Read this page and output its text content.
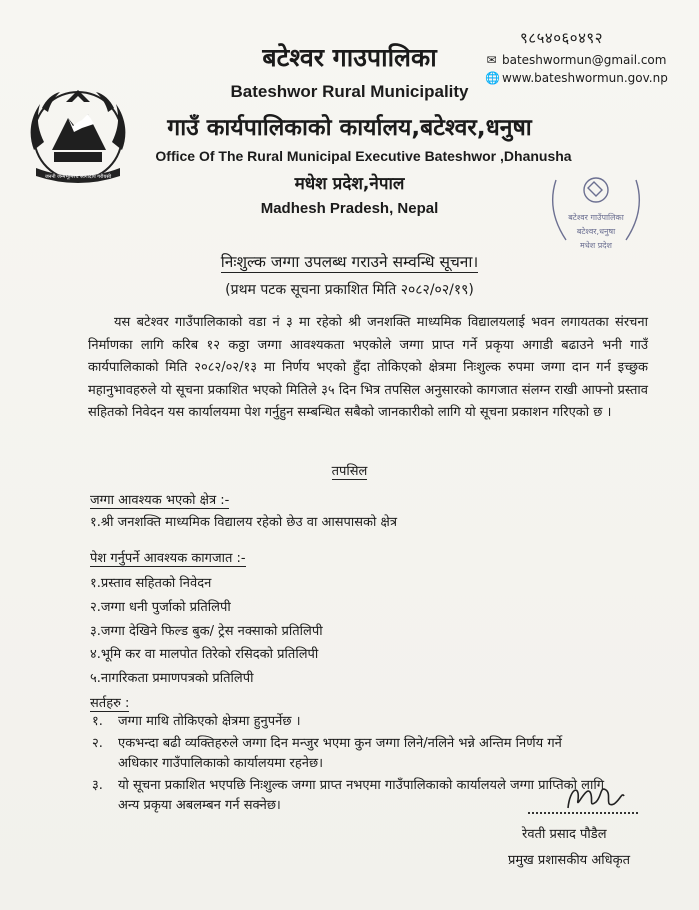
९८५४०६०४९२
✉ bateshwormun@gmail.com
🌐 www.bateshwormun.gov.np
जननी जन्मभूमिश्च स्वर्गादपि गरीयसी
बटेश्वर गाउपालिका
Bateshwor Rural Municipality
गाउँ कार्यपालिकाको कार्यालय,बटेश्वर,धनुषा
Office Of The Rural Municipal Executive Bateshwor ,Dhanusha
मधेश प्रदेश,नेपाल
Madhesh Pradesh, Nepal
बटेश्वर गाउँपालिका
बटेश्वर,धनुषा
मधेश प्रदेश
निःशुल्क जग्गा उपलब्ध गराउने सम्वन्धि सूचना।
(प्रथम पटक सूचना प्रकाशित मिति २०८२/०२/१९)
यस बटेश्वर गाउँपालिकाको वडा नं ३ मा रहेको श्री जनशक्ति माध्यमिक विद्यालयलाई भवन लगायतका संरचना निर्माणका लागि करिब १२ कठ्ठा जग्गा आवश्यकता भएकोले जग्गा प्राप्त गर्ने प्रकृया अगाडी बढाउने भनी गाउँ कार्यपालिकाको मिति २०८२/०२/१३ मा निर्णय भएको हुँदा तोकिएको क्षेत्रमा निःशुल्क रुपमा जग्गा दान गर्न इच्छुक महानुभावहरुले यो सूचना प्रकाशित भएको मितिले ३५ दिन भित्र तपसिल अनुसारको कागजात संलग्न राखी आफ्नो प्रस्ताव सहितको निवेदन यस कार्यालयमा पेश गर्नुहुन सम्बन्धित सबैको जानकारीको लागि यो सूचना प्रकाशन गरिएको छ ।
तपसिल
जग्गा आवश्यक भएको क्षेत्र :-
१.श्री जनशक्ति माध्यमिक विद्यालय रहेको छेउ वा आसपासको क्षेत्र
पेश गर्नुपर्ने आवश्यक कागजात :-
१.प्रस्ताव सहितको निवेदन
२.जग्गा धनी पुर्जाको प्रतिलिपी
३.जग्गा देखिने फिल्ड बुक/ ट्रेस नक्साको प्रतिलिपी
४.भूमि कर वा मालपोत तिरेको रसिदको प्रतिलिपी
५.नागरिकता प्रमाणपत्रको प्रतिलिपी
सर्तहरु :
१. जग्गा माथि तोकिएको क्षेत्रमा हुनुपर्नेछ ।
२. एकभन्दा बढी व्यक्तिहरुले जग्गा दिन मन्जुर भएमा कुन जग्गा लिने/नलिने भन्ने अन्तिम निर्णय गर्ने
अधिकार गाउँपालिकाको कार्यालयमा रहनेछ।
३. यो सूचना प्रकाशित भएपछि निःशुल्क जग्गा प्राप्त नभएमा गाउँपालिकाको कार्यालयले जग्गा प्राप्तिको लागि
अन्य प्रकृया अबलम्बन गर्न सक्नेछ।
रेवती प्रसाद पौडैल
प्रमुख प्रशासकीय अधिकृत
